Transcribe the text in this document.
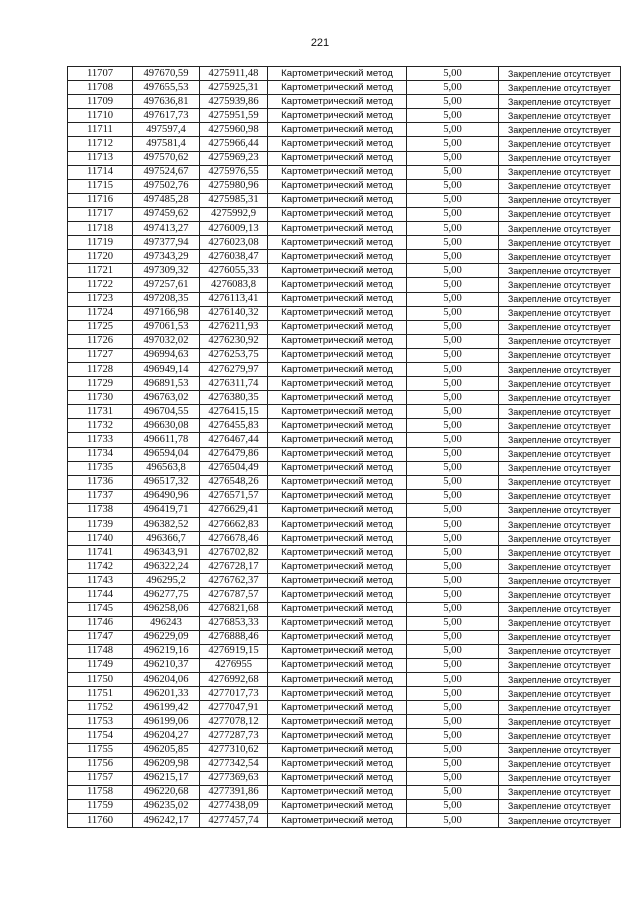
221
11707	497670,59	4275911,48	Картометрический метод	5,00	Закрепление отсутствует
11708	497655,53	4275925,31	Картометрический метод	5,00	Закрепление отсутствует
11709	497636,81	4275939,86	Картометрический метод	5,00	Закрепление отсутствует
11710	497617,73	4275951,59	Картометрический метод	5,00	Закрепление отсутствует
11711	497597,4	4275960,98	Картометрический метод	5,00	Закрепление отсутствует
11712	497581,4	4275966,44	Картометрический метод	5,00	Закрепление отсутствует
11713	497570,62	4275969,23	Картометрический метод	5,00	Закрепление отсутствует
11714	497524,67	4275976,55	Картометрический метод	5,00	Закрепление отсутствует
11715	497502,76	4275980,96	Картометрический метод	5,00	Закрепление отсутствует
11716	497485,28	4275985,31	Картометрический метод	5,00	Закрепление отсутствует
11717	497459,62	4275992,9	Картометрический метод	5,00	Закрепление отсутствует
11718	497413,27	4276009,13	Картометрический метод	5,00	Закрепление отсутствует
11719	497377,94	4276023,08	Картометрический метод	5,00	Закрепление отсутствует
11720	497343,29	4276038,47	Картометрический метод	5,00	Закрепление отсутствует
11721	497309,32	4276055,33	Картометрический метод	5,00	Закрепление отсутствует
11722	497257,61	4276083,8	Картометрический метод	5,00	Закрепление отсутствует
11723	497208,35	4276113,41	Картометрический метод	5,00	Закрепление отсутствует
11724	497166,98	4276140,32	Картометрический метод	5,00	Закрепление отсутствует
11725	497061,53	4276211,93	Картометрический метод	5,00	Закрепление отсутствует
11726	497032,02	4276230,92	Картометрический метод	5,00	Закрепление отсутствует
11727	496994,63	4276253,75	Картометрический метод	5,00	Закрепление отсутствует
11728	496949,14	4276279,97	Картометрический метод	5,00	Закрепление отсутствует
11729	496891,53	4276311,74	Картометрический метод	5,00	Закрепление отсутствует
11730	496763,02	4276380,35	Картометрический метод	5,00	Закрепление отсутствует
11731	496704,55	4276415,15	Картометрический метод	5,00	Закрепление отсутствует
11732	496630,08	4276455,83	Картометрический метод	5,00	Закрепление отсутствует
11733	496611,78	4276467,44	Картометрический метод	5,00	Закрепление отсутствует
11734	496594,04	4276479,86	Картометрический метод	5,00	Закрепление отсутствует
11735	496563,8	4276504,49	Картометрический метод	5,00	Закрепление отсутствует
11736	496517,32	4276548,26	Картометрический метод	5,00	Закрепление отсутствует
11737	496490,96	4276571,57	Картометрический метод	5,00	Закрепление отсутствует
11738	496419,71	4276629,41	Картометрический метод	5,00	Закрепление отсутствует
11739	496382,52	4276662,83	Картометрический метод	5,00	Закрепление отсутствует
11740	496366,7	4276678,46	Картометрический метод	5,00	Закрепление отсутствует
11741	496343,91	4276702,82	Картометрический метод	5,00	Закрепление отсутствует
11742	496322,24	4276728,17	Картометрический метод	5,00	Закрепление отсутствует
11743	496295,2	4276762,37	Картометрический метод	5,00	Закрепление отсутствует
11744	496277,75	4276787,57	Картометрический метод	5,00	Закрепление отсутствует
11745	496258,06	4276821,68	Картометрический метод	5,00	Закрепление отсутствует
11746	496243	4276853,33	Картометрический метод	5,00	Закрепление отсутствует
11747	496229,09	4276888,46	Картометрический метод	5,00	Закрепление отсутствует
11748	496219,16	4276919,15	Картометрический метод	5,00	Закрепление отсутствует
11749	496210,37	4276955	Картометрический метод	5,00	Закрепление отсутствует
11750	496204,06	4276992,68	Картометрический метод	5,00	Закрепление отсутствует
11751	496201,33	4277017,73	Картометрический метод	5,00	Закрепление отсутствует
11752	496199,42	4277047,91	Картометрический метод	5,00	Закрепление отсутствует
11753	496199,06	4277078,12	Картометрический метод	5,00	Закрепление отсутствует
11754	496204,27	4277287,73	Картометрический метод	5,00	Закрепление отсутствует
11755	496205,85	4277310,62	Картометрический метод	5,00	Закрепление отсутствует
11756	496209,98	4277342,54	Картометрический метод	5,00	Закрепление отсутствует
11757	496215,17	4277369,63	Картометрический метод	5,00	Закрепление отсутствует
11758	496220,68	4277391,86	Картометрический метод	5,00	Закрепление отсутствует
11759	496235,02	4277438,09	Картометрический метод	5,00	Закрепление отсутствует
11760	496242,17	4277457,74	Картометрический метод	5,00	Закрепление отсутствует
